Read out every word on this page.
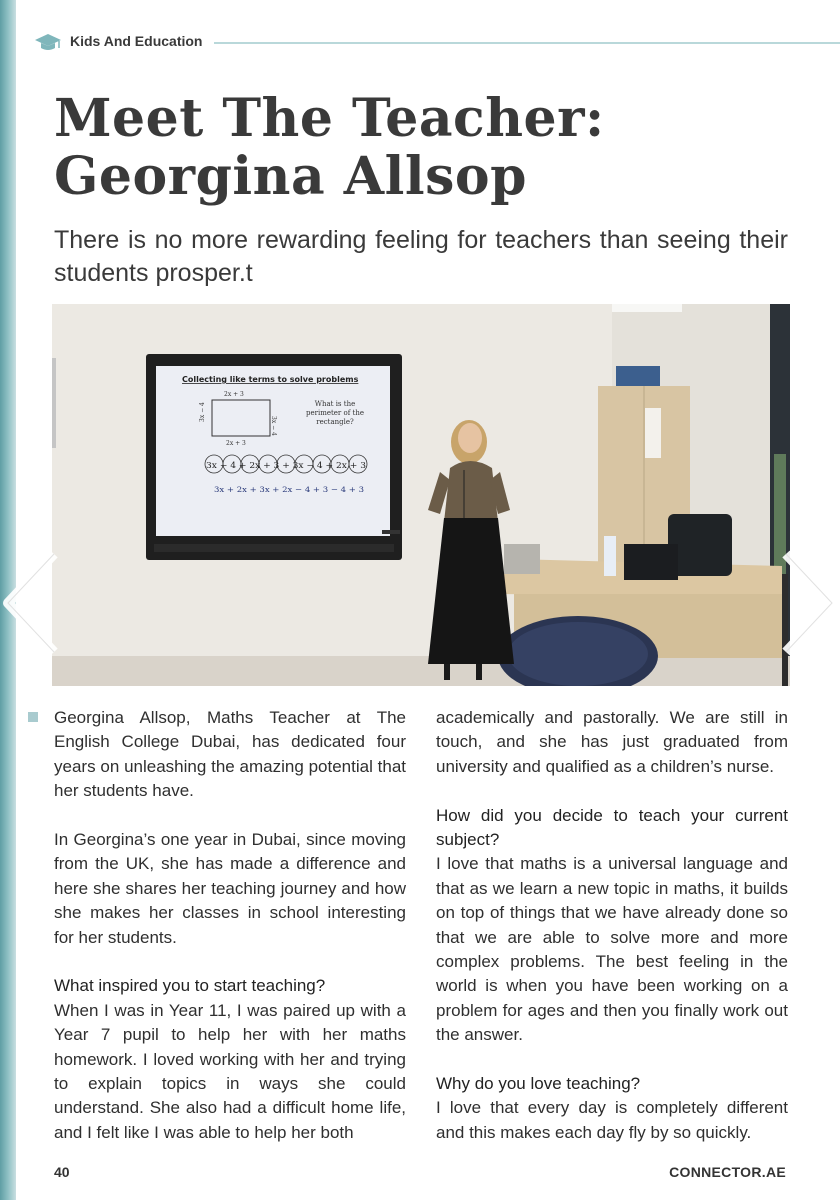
Kids And Education
Meet The Teacher:
Georgina Allsop

There is no more rewarding feeling for teachers than seeing their students prosper.t

Collecting like terms to solve problems
2x + 3
2x + 3
3x − 4
3x − 4
What is the perimeter of the rectangle?
3x − 4 + 2x + 3 + 3x − 4 + 2x + 3
3x + 2x + 3x + 2x − 4 + 3 − 4 + 3

Georgina Allsop, Maths Teacher at The English College Dubai, has dedicated four years on unleashing the amazing potential that her students have.

In Georgina’s one year in Dubai, since moving from the UK, she has made a difference and here she shares her teaching journey and how she makes her classes in school interesting for her students.

What inspired you to start teaching?

When I was in Year 11, I was paired up with a Year 7 pupil to help her with her maths homework. I loved working with her and trying to explain topics in ways she could understand. She also had a difficult home life, and I felt like I was able to help her both

academically and pastorally. We are still in touch, and she has just graduated from university and qualified as a children’s nurse.

How did you decide to teach your current subject?

I love that maths is a universal language and that as we learn a new topic in maths, it builds on top of things that we have already done so that we are able to solve more and more complex problems. The best feeling in the world is when you have been working on a problem for ages and then you finally work out the answer.

Why do you love teaching?

I love that every day is completely different and this makes each day fly by so quickly.

40	CONNECTOR.AE
